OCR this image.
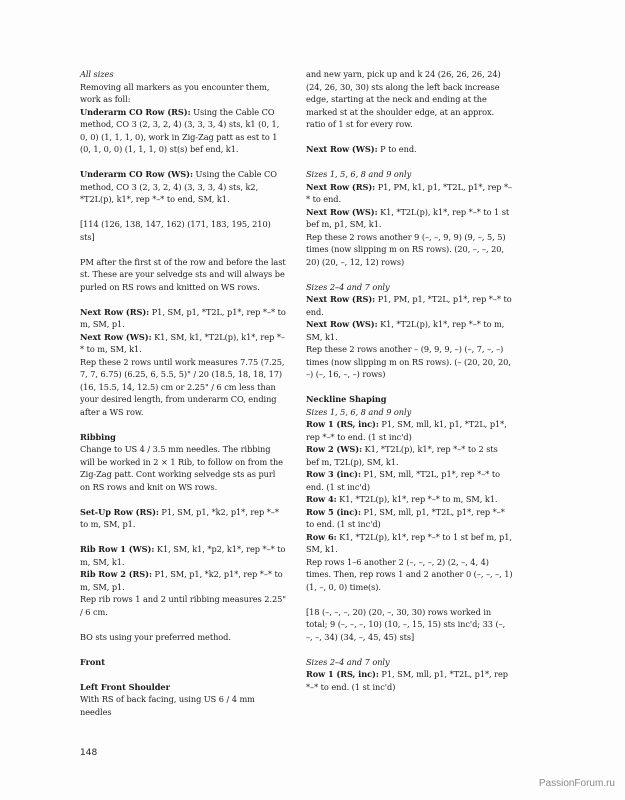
All sizes

Removing all markers as you encounter them, work as foll:

Underarm CO Row (RS): Using the Cable CO method, CO 3 (2, 3, 2, 4) (3, 3, 3, 4) sts, k1 (0, 1, 0, 0) (1, 1, 1, 0), work in Zig-Zag patt as est to 1 (0, 1, 0, 0) (1, 1, 1, 0) st(s) bef end, k1.

Underarm CO Row (WS): Using the Cable CO method, CO 3 (2, 3, 2, 4) (3, 3, 3, 4) sts, k2, *T2L(p), k1*, rep *–* to end, SM, k1.

[114 (126, 138, 147, 162) (171, 183, 195, 210) sts]

PM after the first st of the row and before the last st. These are your selvedge sts and will always be purled on RS rows and knitted on WS rows.

Next Row (RS): P1, SM, p1, *T2L, p1*, rep *–* to m, SM, p1.

Next Row (WS): K1, SM, k1, *T2L(p), k1*, rep *–* to m, SM, k1.

Rep these 2 rows until work measures 7.75 (7.25, 7, 7, 6.75) (6.25, 6, 5.5, 5)" / 20 (18.5, 18, 18, 17) (16, 15.5, 14, 12.5) cm or 2.25" / 6 cm less than your desired length, from underarm CO, ending after a WS row.

Ribbing

Change to US 4 / 3.5 mm needles. The ribbing will be worked in 2 × 1 Rib, to follow on from the Zig-Zag patt. Cont working selvedge sts as purl on RS rows and knit on WS rows.

Set-Up Row (RS): P1, SM, p1, *k2, p1*, rep *–* to m, SM, p1.

Rib Row 1 (WS): K1, SM, k1, *p2, k1*, rep *–* to m, SM, k1.

Rib Row 2 (RS): P1, SM, p1, *k2, p1*, rep *–* to m, SM, p1.

Rep rib rows 1 and 2 until ribbing measures 2.25" / 6 cm.

BO sts using your preferred method.

Front
Left Front Shoulder

With RS of back facing, using US 6 / 4 mm needles

and new yarn, pick up and k 24 (26, 26, 26, 24) (24, 26, 30, 30) sts along the left back increase edge, starting at the neck and ending at the marked st at the shoulder edge, at an approx. ratio of 1 st for every row.

Next Row (WS): P to end.

Sizes 1, 5, 6, 8 and 9 only

Next Row (RS): P1, PM, k1, p1, *T2L, p1*, rep *–* to end.

Next Row (WS): K1, *T2L(p), k1*, rep *–* to 1 st bef m, p1, SM, k1.

Rep these 2 rows another 9 (–, –, 9, 9) (9, –, 5, 5) times (now slipping m on RS rows). (20, –, –, 20, 20) (20, –, 12, 12) rows)

Sizes 2–4 and 7 only

Next Row (RS): P1, PM, p1, *T2L, p1*, rep *–* to end.

Next Row (WS): K1, *T2L(p), k1*, rep *–* to m, SM, k1.

Rep these 2 rows another – (9, 9, 9, –) (–, 7, –, –) times (now slipping m on RS rows). (– (20, 20, 20, –) (–, 16, –, –) rows)

Neckline Shaping
Sizes 1, 5, 6, 8 and 9 only

Row 1 (RS, inc): P1, SM, mll, k1, p1, *T2L, p1*, rep *–* to end. (1 st inc'd)

Row 2 (WS): K1, *T2L(p), k1*, rep *–* to 2 sts bef m, T2L(p), SM, k1.

Row 3 (inc): P1, SM, mll, *T2L, p1*, rep *–* to end. (1 st inc'd)

Row 4: K1, *T2L(p), k1*, rep *–* to m, SM, k1.

Row 5 (inc): P1, SM, mll, p1, *T2L, p1*, rep *–* to end. (1 st inc'd)

Row 6: K1, *T2L(p), k1*, rep *–* to 1 st bef m, p1, SM, k1.

Rep rows 1–6 another 2 (–, –, –, 2) (2, –, 4, 4) times. Then, rep rows 1 and 2 another 0 (–, –, –, 1) (1, –, 0, 0) time(s).

[18 (–, –, –, 20) (20, –, 30, 30) rows worked in total; 9 (–, –, –, 10) (10, –, 15, 15) sts inc'd; 33 (–, –, –, 34) (34, –, 45, 45) sts]

Sizes 2–4 and 7 only

Row 1 (RS, inc): P1, SM, mll, p1, *T2L, p1*, rep *–* to end. (1 st inc'd)

148
PassionForum.ru
